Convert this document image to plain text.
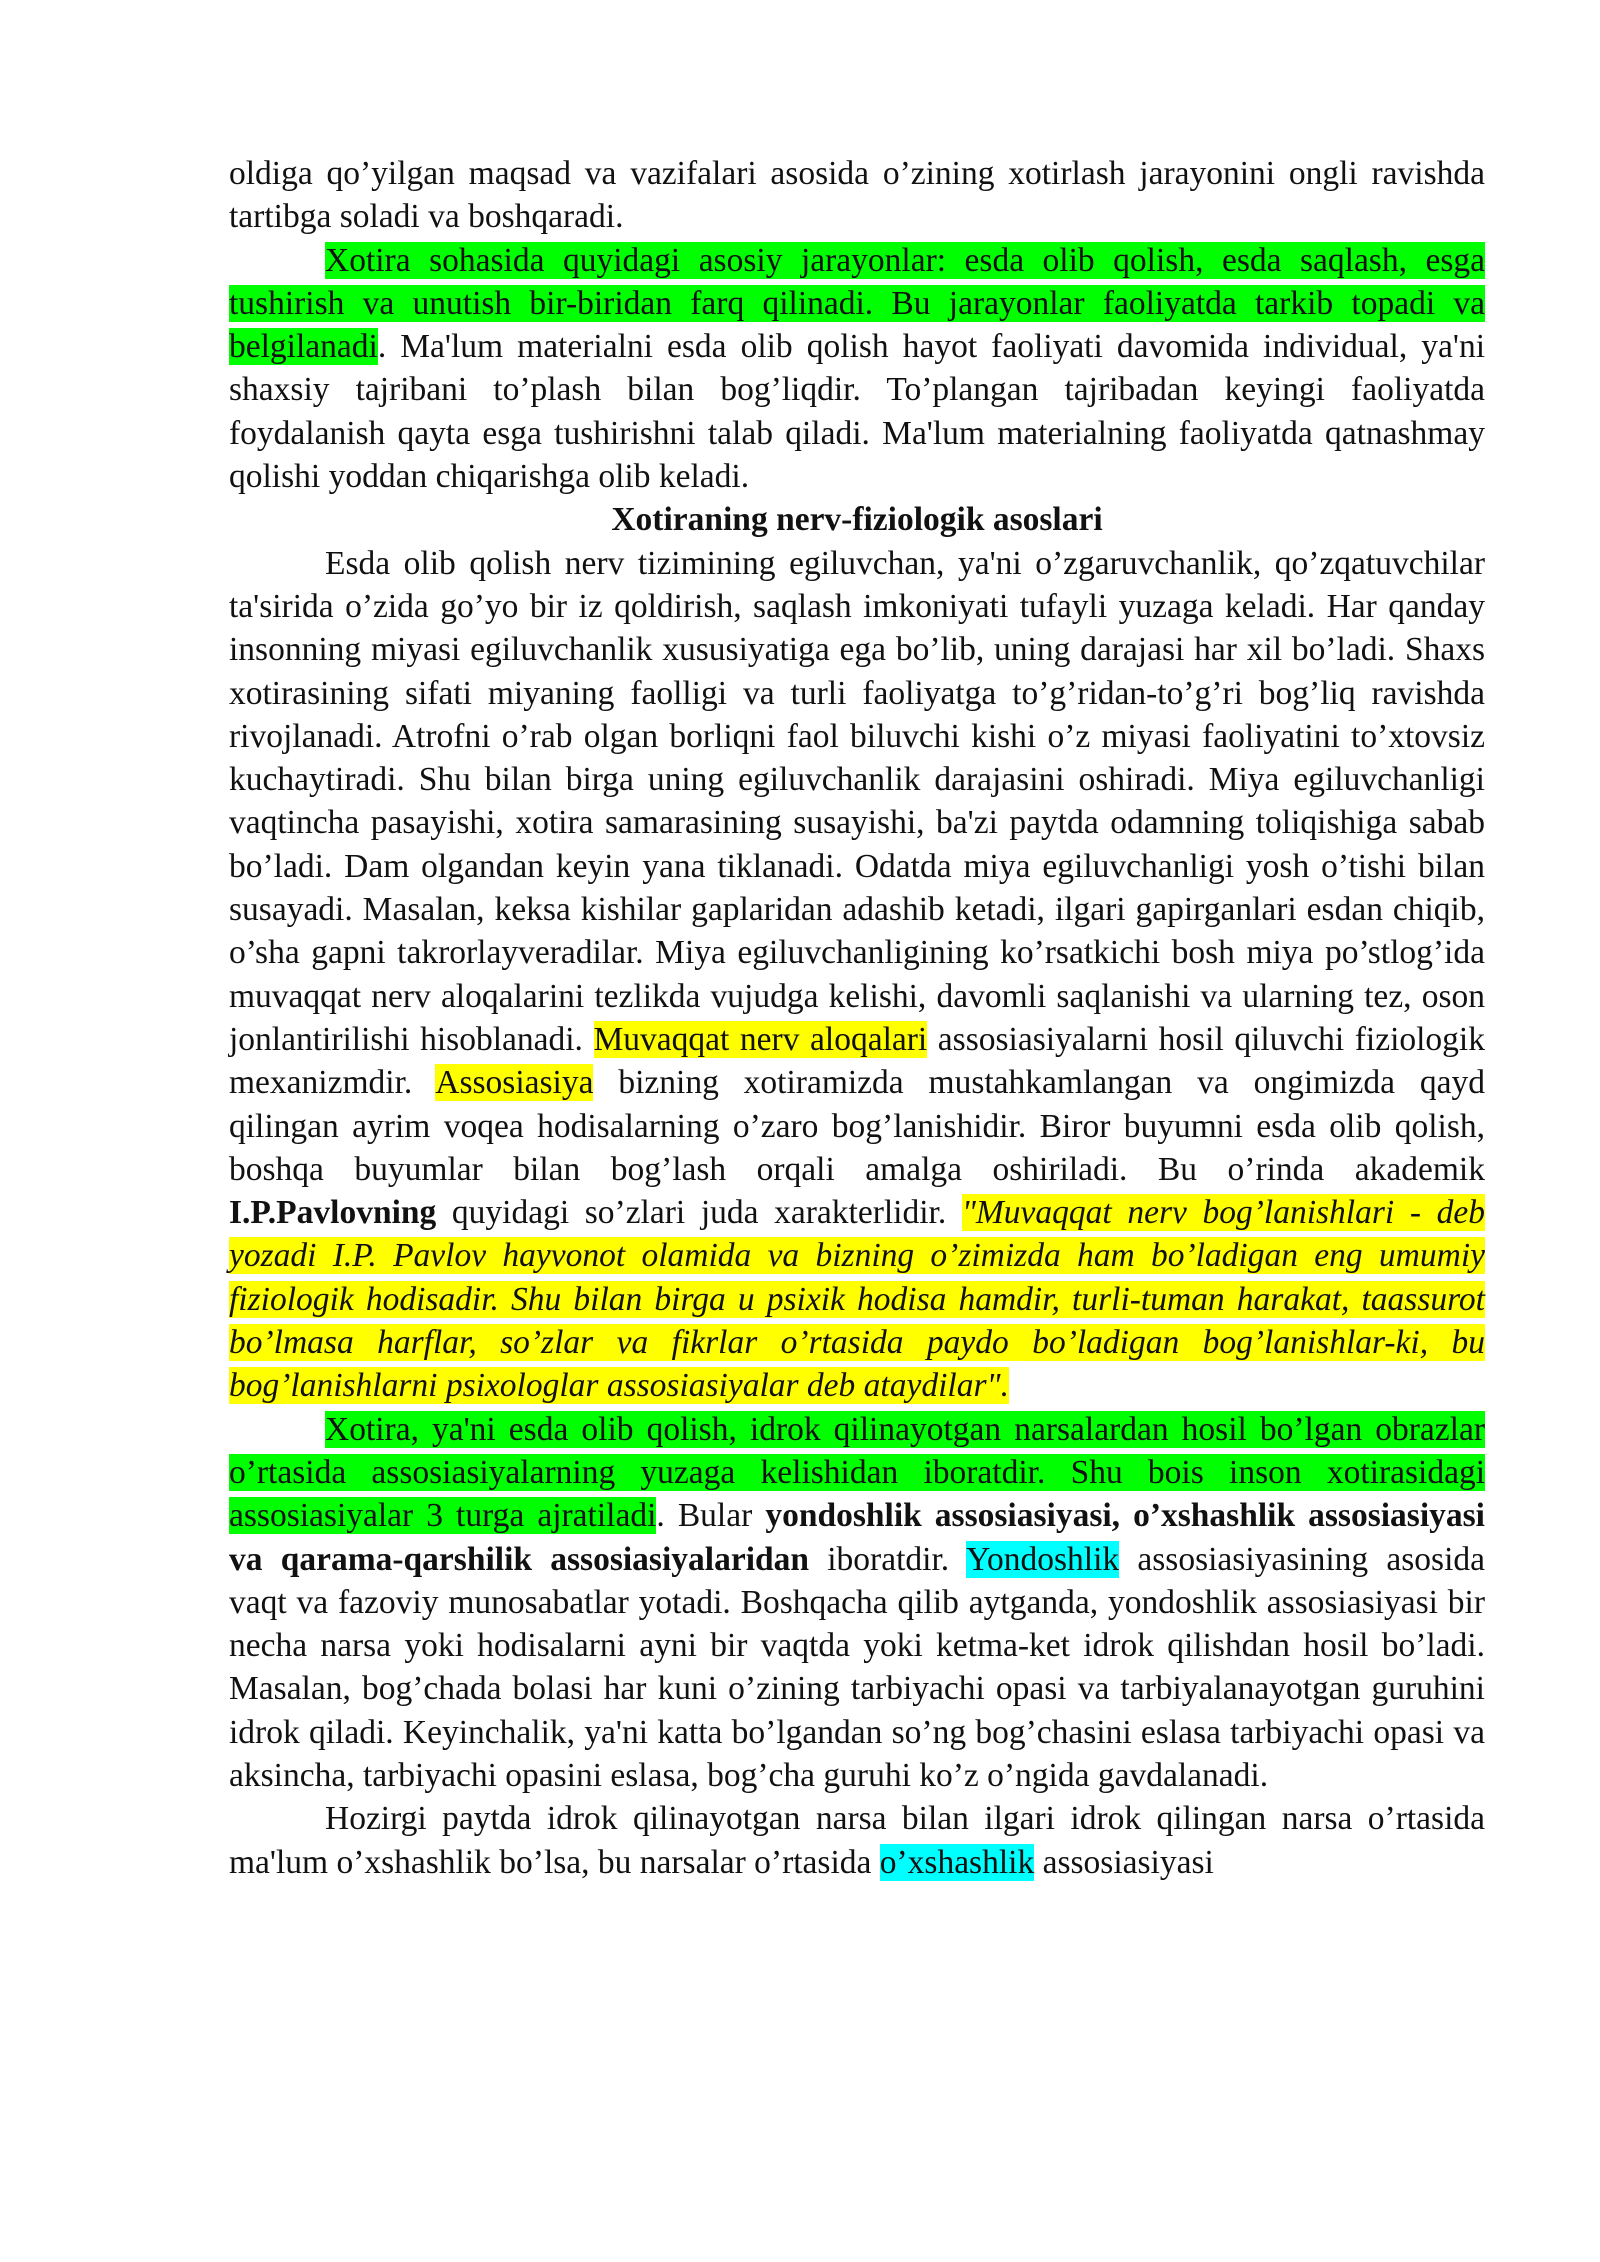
oldiga qo’yilgan maqsad va vazifalari asosida o’zining xotirlash jarayonini ongli ravishda tartibga soladi va boshqaradi.

Xotira sohasida quyidagi asosiy jarayonlar: esda olib qolish, esda saqlash, esga tushirish va unutish bir-biridan farq qilinadi. Bu jarayonlar faoliyatda tarkib topadi va belgilanadi. Ma'lum materialni esda olib qolish hayot faoliyati davomida individual, ya'ni shaxsiy tajribani to’plash bilan bog’liqdir. To’plangan tajribadan keyingi faoliyatda foydalanish qayta esga tushirishni talab qiladi. Ma'lum materialning faoliyatda qatnashmay qolishi yoddan chiqarishga olib keladi.

Xotiraning nerv-fiziologik asoslari

Esda olib qolish nerv tizimining egiluvchan, ya'ni o’zgaruvchanlik, qo’zqatuvchilar ta'sirida o’zida go’yo bir iz qoldirish, saqlash imkoniyati tufayli yuzaga keladi. Har qanday insonning miyasi egiluvchanlik xususiyatiga ega bo’lib, uning darajasi har xil bo’ladi. Shaxs xotirasining sifati miyaning faolligi va turli faoliyatga to’g’ridan-to’g’ri bog’liq ravishda rivojlanadi. Atrofni o’rab olgan borliqni faol biluvchi kishi o’z miyasi faoliyatini to’xtovsiz kuchaytiradi. Shu bilan birga uning egiluvchanlik darajasini oshiradi. Miya egiluvchanligi vaqtincha pasayishi, xotira samarasining susayishi, ba'zi paytda odamning toliqishiga sabab bo’ladi. Dam olgandan keyin yana tiklanadi. Odatda miya egiluvchanligi yosh o’tishi bilan susayadi. Masalan, keksa kishilar gaplaridan adashib ketadi, ilgari gapirganlari esdan chiqib, o’sha gapni takrorlayveradilar. Miya egiluvchanligining ko’rsatkichi bosh miya po’stlog’ida muvaqqat nerv aloqalarini tezlikda vujudga kelishi, davomli saqlanishi va ularning tez, oson jonlantirilishi hisoblanadi. Muvaqqat nerv aloqalari assosiasiyalarni hosil qiluvchi fiziologik mexanizmdir. Assosiasiya bizning xotiramizda mustahkamlangan va ongimizda qayd qilingan ayrim voqea hodisalarning o’zaro bog’lanishidir. Biror buyumni esda olib qolish, boshqa buyumlar bilan bog’lash orqali amalga oshiriladi. Bu o’rinda akademik I.P.Pavlovning quyidagi so’zlari juda xarakterlidir. "Muvaqqat nerv bog’lanishlari - deb yozadi I.P. Pavlov hayvonot olamida va bizning o’zimizda ham bo’ladigan eng umumiy fiziologik hodisadir. Shu bilan birga u psixik hodisa hamdir, turli-tuman harakat, taassurot bo’lmasa harflar, so’zlar va fikrlar o’rtasida paydo bo’ladigan bog’lanishlar-ki, bu bog’lanishlarni psixologlar assosiasiyalar deb ataydilar".

Xotira, ya'ni esda olib qolish, idrok qilinayotgan narsalardan hosil bo’lgan obrazlar o’rtasida assosiasiyalarning yuzaga kelishidan iboratdir. Shu bois inson xotirasidagi assosiasiyalar 3 turga ajratiladi. Bular yondoshlik assosiasiyasi, o’xshashlik assosiasiyasi va qarama-qarshilik assosiasiyalaridan iboratdir. Yondoshlik assosiasiyasining asosida vaqt va fazoviy munosabatlar yotadi. Boshqacha qilib aytganda, yondoshlik assosiasiyasi bir necha narsa yoki hodisalarni ayni bir vaqtda yoki ketma-ket idrok qilishdan hosil bo’ladi. Masalan, bog’chada bolasi har kuni o’zining tarbiyachi opasi va tarbiyalanayotgan guruhini idrok qiladi. Keyinchalik, ya'ni katta bo’lgandan so’ng bog’chasini eslasa tarbiyachi opasi va aksincha, tarbiyachi opasini eslasa, bog’cha guruhi ko’z o’ngida gavdalanadi.

Hozirgi paytda idrok qilinayotgan narsa bilan ilgari idrok qilingan narsa o’rtasida ma'lum o’xshashlik bo’lsa, bu narsalar o’rtasida o’xshashlik assosiasiyasi
